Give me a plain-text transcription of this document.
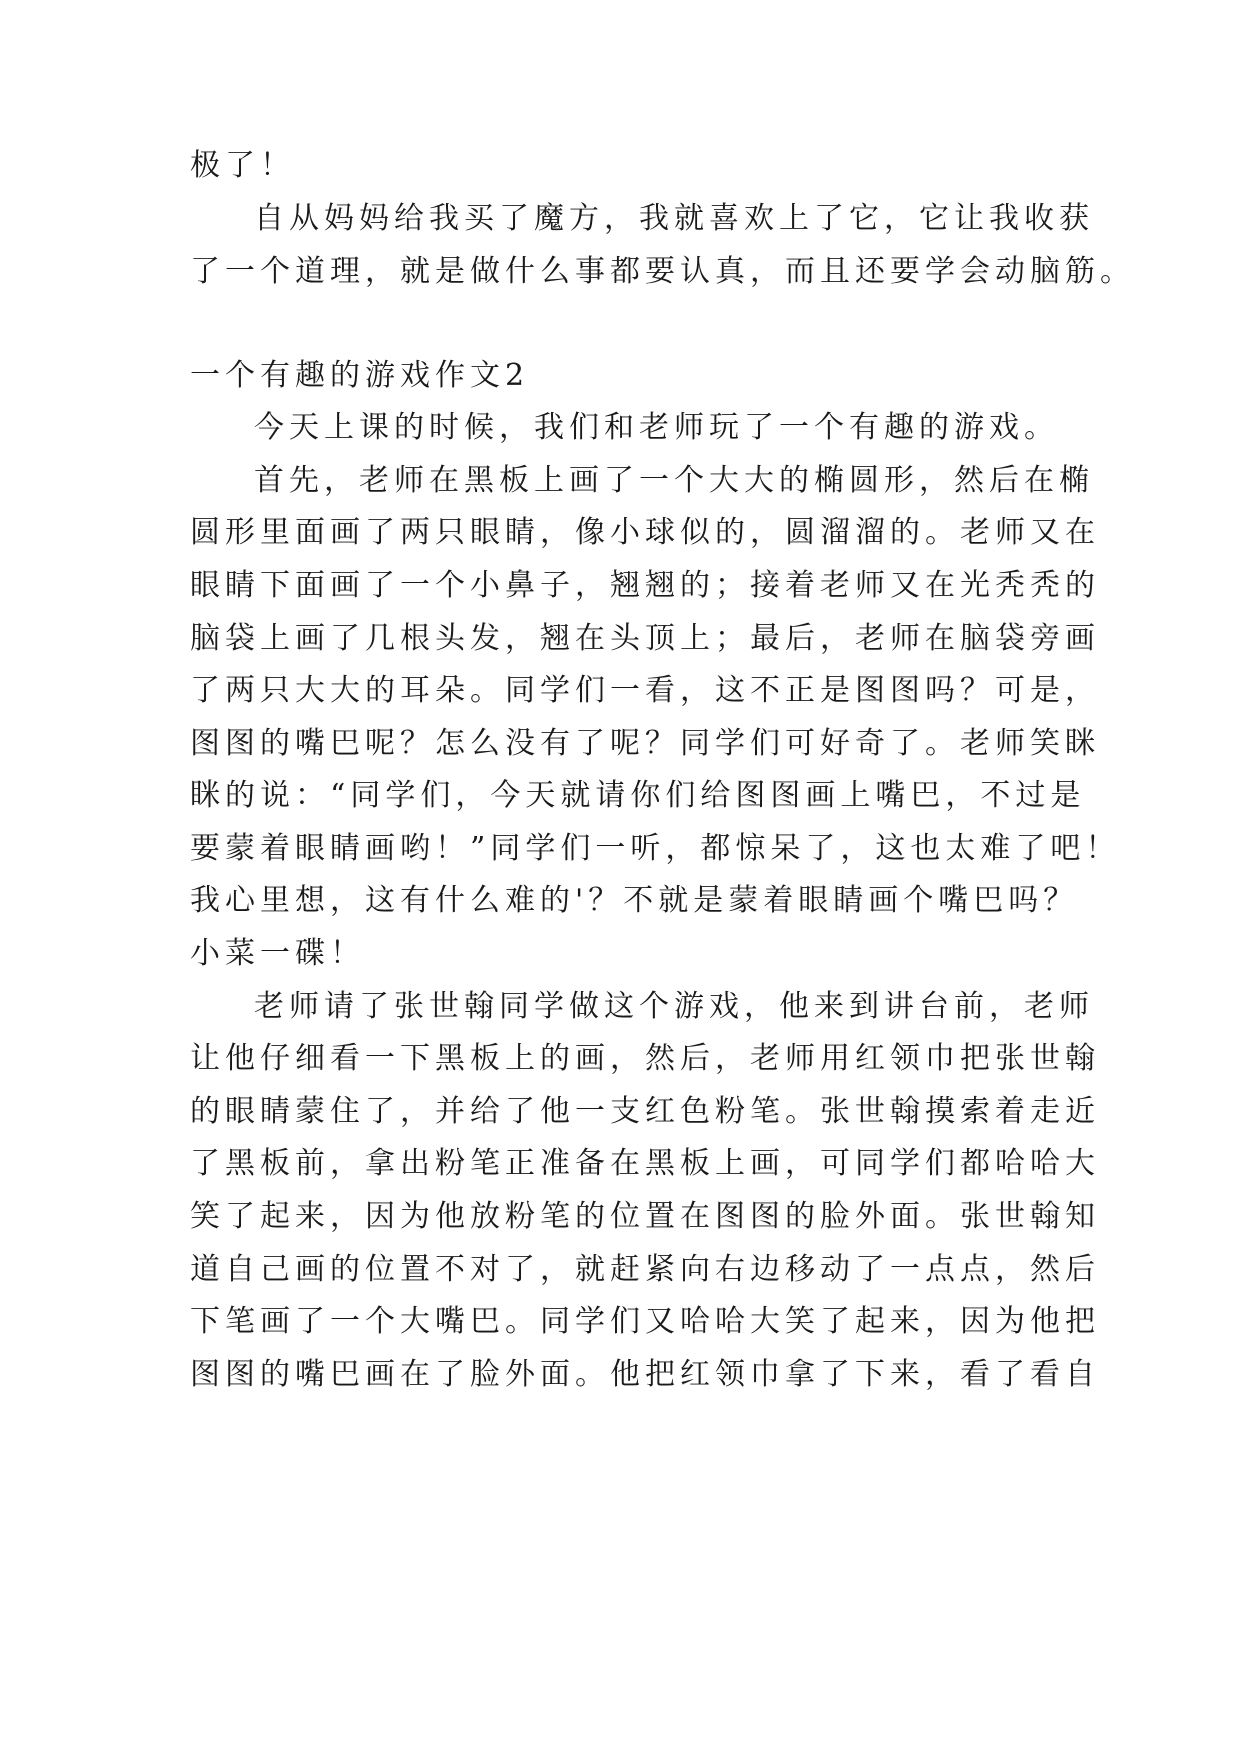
极了！
自从妈妈给我买了魔方，我就喜欢上了它，它让我收获
了一个道理，就是做什么事都要认真，而且还要学会动脑筋。
一个有趣的游戏作文2
今天上课的时候，我们和老师玩了一个有趣的游戏。
首先，老师在黑板上画了一个大大的椭圆形，然后在椭
圆形里面画了两只眼睛，像小球似的，圆溜溜的。老师又在
眼睛下面画了一个小鼻子，翘翘的；接着老师又在光秃秃的
脑袋上画了几根头发，翘在头顶上；最后，老师在脑袋旁画
了两只大大的耳朵。同学们一看，这不正是图图吗？可是，
图图的嘴巴呢？怎么没有了呢？同学们可好奇了。老师笑眯
眯的说：“同学们，今天就请你们给图图画上嘴巴，不过是
要蒙着眼睛画哟！”同学们一听，都惊呆了，这也太难了吧！
我心里想，这有什么难的'？不就是蒙着眼睛画个嘴巴吗？
小菜一碟！
老师请了张世翰同学做这个游戏，他来到讲台前，老师
让他仔细看一下黑板上的画，然后，老师用红领巾把张世翰
的眼睛蒙住了，并给了他一支红色粉笔。张世翰摸索着走近
了黑板前，拿出粉笔正准备在黑板上画，可同学们都哈哈大
笑了起来，因为他放粉笔的位置在图图的脸外面。张世翰知
道自己画的位置不对了，就赶紧向右边移动了一点点，然后
下笔画了一个大嘴巴。同学们又哈哈大笑了起来，因为他把
图图的嘴巴画在了脸外面。他把红领巾拿了下来，看了看自
